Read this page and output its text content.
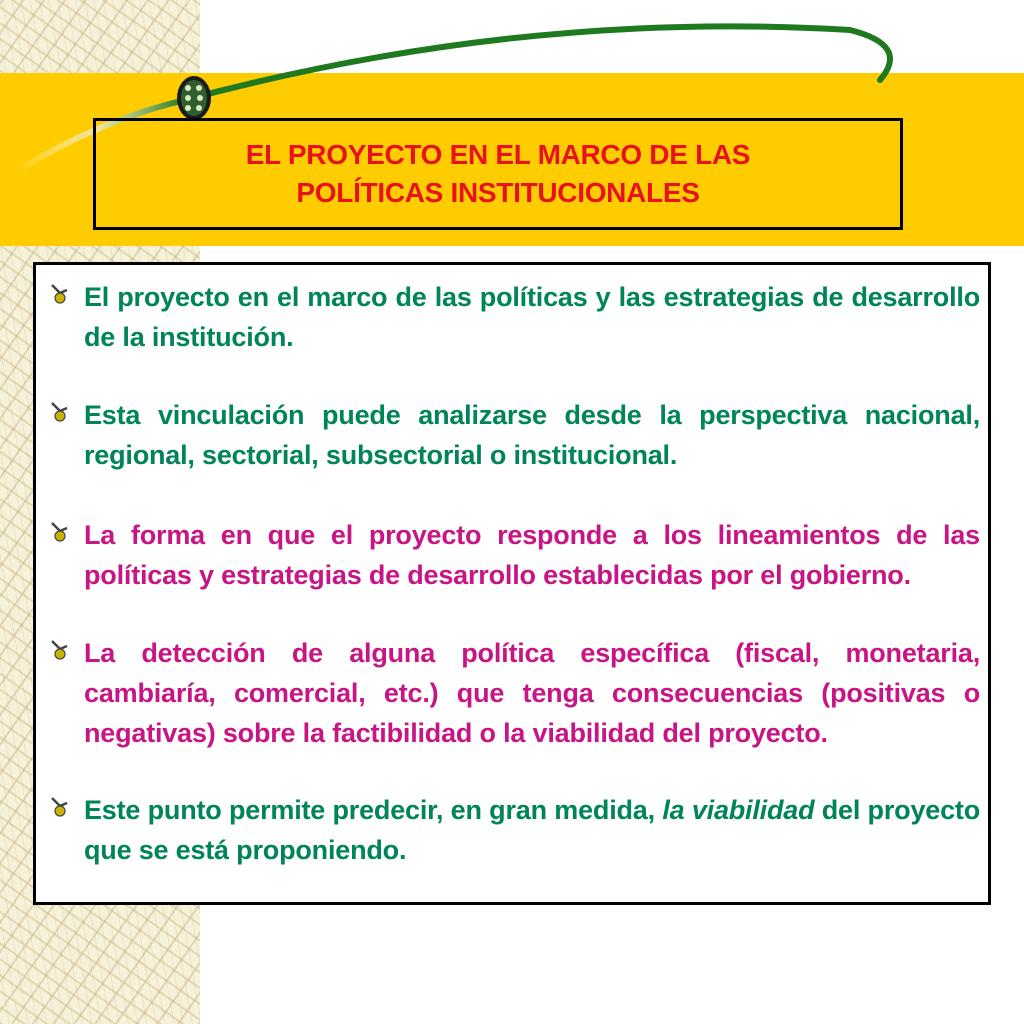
EL PROYECTO EN EL MARCO DE LAS
POLÍTICAS INSTITUCIONALES
El proyecto en el marco de las políticas y las estrategias de desarrollo de la institución.
Esta vinculación puede analizarse desde la perspectiva nacional, regional, sectorial, subsectorial o institucional.
La forma en que el proyecto responde a los lineamientos de las políticas y estrategias de desarrollo establecidas por el gobierno.
La detección de alguna política específica (fiscal, monetaria, cambiaría, comercial, etc.) que tenga consecuencias (positivas o negativas) sobre la factibilidad o la viabilidad del proyecto.
Este punto permite predecir, en gran medida, la viabilidad del proyecto que se está proponiendo.
